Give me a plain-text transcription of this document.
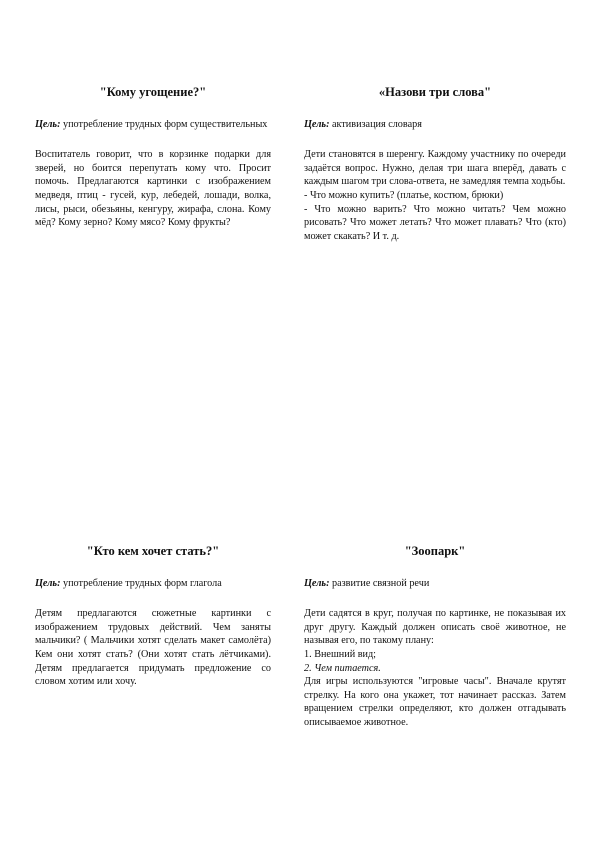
"Кому угощение?"
Цель: употребление трудных форм существительных

Воспитатель говорит, что в корзинке подарки для зверей, но боится перепутать кому что. Просит помочь. Предлагаются картинки с изображением медведя, птиц - гусей, кур, лебедей, лошади, волка, лисы, рыси, обезьяны, кенгуру, жирафа, слона. Кому мёд? Кому зерно? Кому мясо? Кому фрукты?

«Назови три слова"
Цель: активизация словаря

Дети становятся в шеренгу. Каждому участнику по очереди задаётся вопрос. Нужно, делая три шага вперёд, давать с каждым шагом три слова-ответа, не замедляя темпа ходьбы.

- Что можно купить? (платье, костюм, брюки)

- Что можно варить? Что можно читать? Чем можно рисовать? Что может летать? Что может плавать? Что (кто) может скакать? И т. д.

"Кто кем хочет стать?"
Цель: употребление трудных форм глагола

Детям предлагаются сюжетные картинки с изображением трудовых действий. Чем заняты мальчики? ( Мальчики хотят сделать макет самолёта) Кем они хотят стать? (Они хотят стать лётчиками). Детям предлагается придумать предложение со словом хотим или хочу.

"Зоопарк"
Цель: развитие связной речи

Дети садятся в круг, получая по картинке, не показывая их друг другу. Каждый должен описать своё животное, не называя его, по такому плану:

1. Внешний вид;

2. Чем питается.

Для игры используются "игровые часы". Вначале крутят стрелку. На кого она укажет, тот начинает рассказ. Затем вращением стрелки определяют, кто должен отгадывать описываемое животное.
